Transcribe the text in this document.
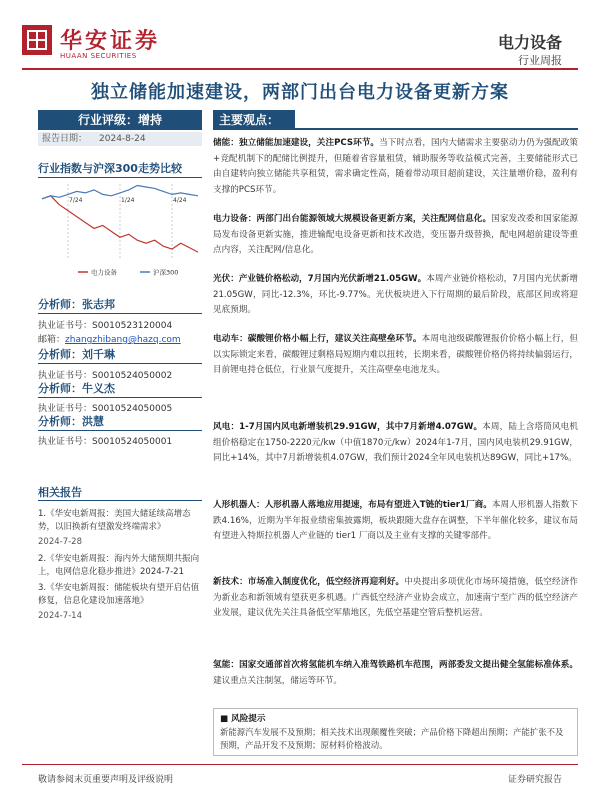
华安证券
HUAAN SECURITIES
电力设备
行业周报
独立储能加速建设，两部门出台电力设备更新方案
行业评级：增持
报告日期： 2024-8-24
行业指数与沪深300走势比较
7/24	1/24	4/24
电力设备	沪深300
分析师：张志邦
执业证书号：S0010523120004
邮箱：zhangzhibang@hazq.com
分析师：刘千琳
执业证书号：S0010524050002
分析师：牛义杰
执业证书号：S0010524050005
分析师：洪慧
执业证书号：S0010524050001
相关报告
1.《华安电新周报：美国大储延续高增态势，以旧换新有望激发终端需求》
2024-7-28
2.《华安电新周报：海内外大储预期共振向上，电网信息化稳步推进》2024-7-21
3.《华安电新周报：储能板块有望开启估值修复，信息化建设加速落地》
2024-7-14
主要观点：
储能：独立储能加速建设，关注PCS环节。当下时点看，国内大储需求主要驱动力仍为强配政策+竞配机制下的配储比例提升，但随着省容量租赁，辅助服务等收益模式完善，主要储能形式已由自建转向独立储能共享租赁，需求确定性高，随着带动项目超前建设，关注量增价稳，盈利有支撑的PCS环节。
电力设备：两部门出台能源领域大规模设备更新方案，关注配网信息化。国家发改委和国家能源局发布设备更新实施，推进输配电设备更新和技术改造，变压器升级替换，配电网超前建设等重点内容，关注配网/信息化。
光伏：产业链价格松动，7月国内光伏新增21.05GW。本周产业链价格松动，7月国内光伏新增21.05GW，同比-12.3%，环比-9.77%。光伏板块进入下行周期的最后阶段，底部区间或将迎见底预期。
电动车：碳酸锂价格小幅上行，建议关注高壁垒环节。本周电池级碳酸锂报价价格小幅上行，但以实际锁定来看，碳酸锂过剩格局短期内难以扭转，长期来看，碳酸锂价格仍将持续偏弱运行，目前锂电持仓低位，行业景气度提升，关注高壁垒电池龙头。
风电：1-7月国内风电新增装机29.91GW，其中7月新增4.07GW。本周，陆上含塔筒风电机组价格稳定在1750-2220元/kw（中值1870元/kw）2024年1-7月，国内风电装机29.91GW，同比+14%，其中7月新增装机4.07GW，我们预计2024全年风电装机达89GW，同比+17%。
人形机器人：人形机器人落地应用提速，布局有望进入T链的tier1厂商。本周人形机器人指数下跌4.16%，近期为半年报业绩密集披露期，板块跟随大盘存在调整，下半年催化较多，建议布局有望进入特斯拉机器人产业链的 tier1 厂商以及主业有支撑的关键零部件。
新技术：市场准入制度优化，低空经济再迎利好。中央提出多项优化市场环境措施，低空经济作为新业态和新领域有望获更多机遇。广西低空经济产业协会成立，加速南宁至广西的低空经济产业发展，建议优先关注具备低空军鼎地区，先低空基建空管后整机运营。
氢能：国家交通部首次将氢能机车纳入准驾铁路机车范围，两部委发文提出健全氢能标准体系。建议重点关注制氢，储运等环节。
■ 风险提示
新能源汽车发展不及预期；相关技术出现颠覆性突破；产品价格下降超出预期；产能扩张不及预期，产品开发不及预期；原材料价格波动。
敬请参阅末页重要声明及评级说明	证券研究报告
